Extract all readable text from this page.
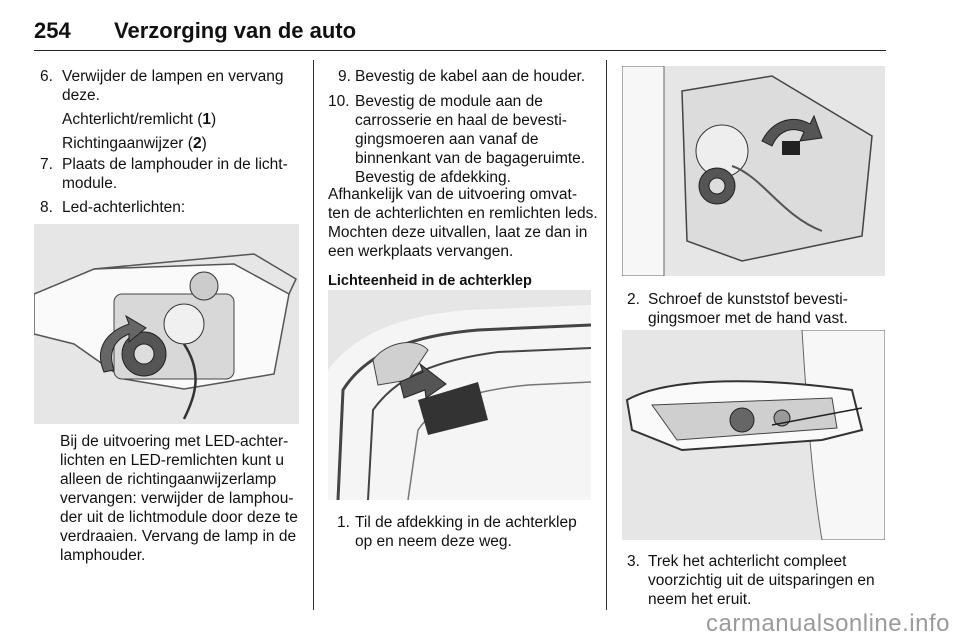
254 Verzorging van de auto
6. Verwijder de lampen en vervang deze.
Achterlicht/remlicht (1)
Richtingaanwijzer (2)
7. Plaats de lamphouder in de licht-module.
8. Led-achterlichten:
Bij de uitvoering met LED-achter-lichten en LED-remlichten kunt u alleen de richtingaanwijzerlamp vervangen: verwijder de lamphou-der uit de lichtmodule door deze te verdraaien. Vervang de lamp in de lamphouder.
9. Bevestig de kabel aan de houder.
10. Bevestig de module aan de carrosserie en haal de bevesti-gingsmoeren aan vanaf de binnenkant van de bagageruimte. Bevestig de afdekking.
Afhankelijk van de uitvoering omvat-ten de achterlichten en remlichten leds. Mochten deze uitvallen, laat ze dan in een werkplaats vervangen.
Lichteenheid in de achterklep
1. Til de afdekking in de achterklep op en neem deze weg.
2. Schroef de kunststof bevesti-gingsmoer met de hand vast.
3. Trek het achterlicht compleet voorzichtig uit de uitsparingen en neem het eruit.
carmanualsonline.info
